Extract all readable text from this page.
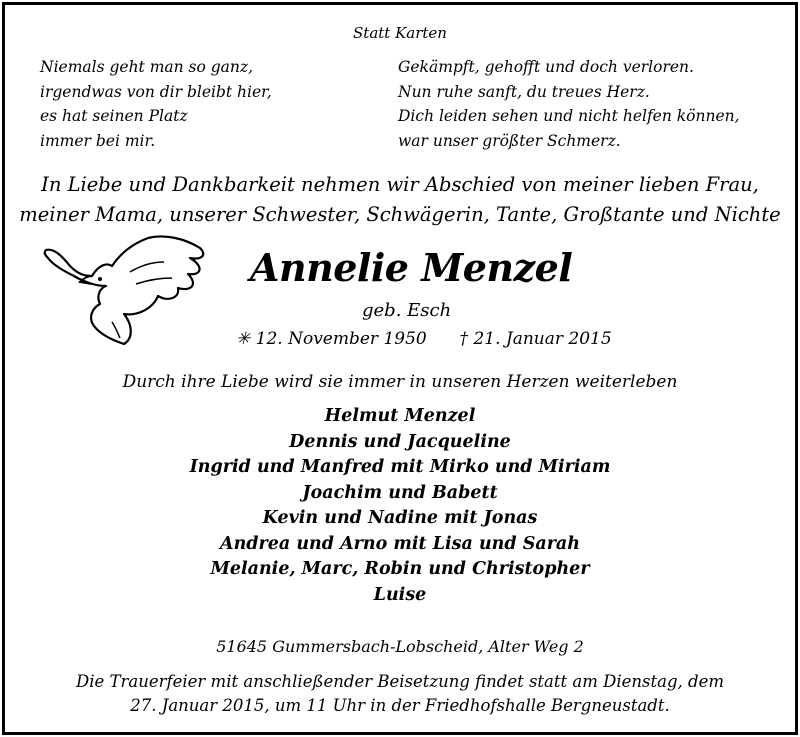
Statt Karten
Niemals geht man so ganz,
irgendwas von dir bleibt hier,
es hat seinen Platz
immer bei mir.
Gekämpft, gehofft und doch verloren.
Nun ruhe sanft, du treues Herz.
Dich leiden sehen und nicht helfen können,
war unser größter Schmerz.
In Liebe und Dankbarkeit nehmen wir Abschied von meiner lieben Frau,
meiner Mama, unserer Schwester, Schwägerin, Tante, Großtante und Nichte
Annelie Menzel
geb. Esch
✳ 12. November 1950 † 21. Januar 2015
Durch ihre Liebe wird sie immer in unseren Herzen weiterleben
Helmut Menzel
Dennis und Jacqueline
Ingrid und Manfred mit Mirko und Miriam
Joachim und Babett
Kevin und Nadine mit Jonas
Andrea und Arno mit Lisa und Sarah
Melanie, Marc, Robin und Christopher
Luise
51645 Gummersbach-Lobscheid, Alter Weg 2
Die Trauerfeier mit anschließender Beisetzung findet statt am Dienstag, dem
27. Januar 2015, um 11 Uhr in der Friedhofshalle Bergneustadt.
